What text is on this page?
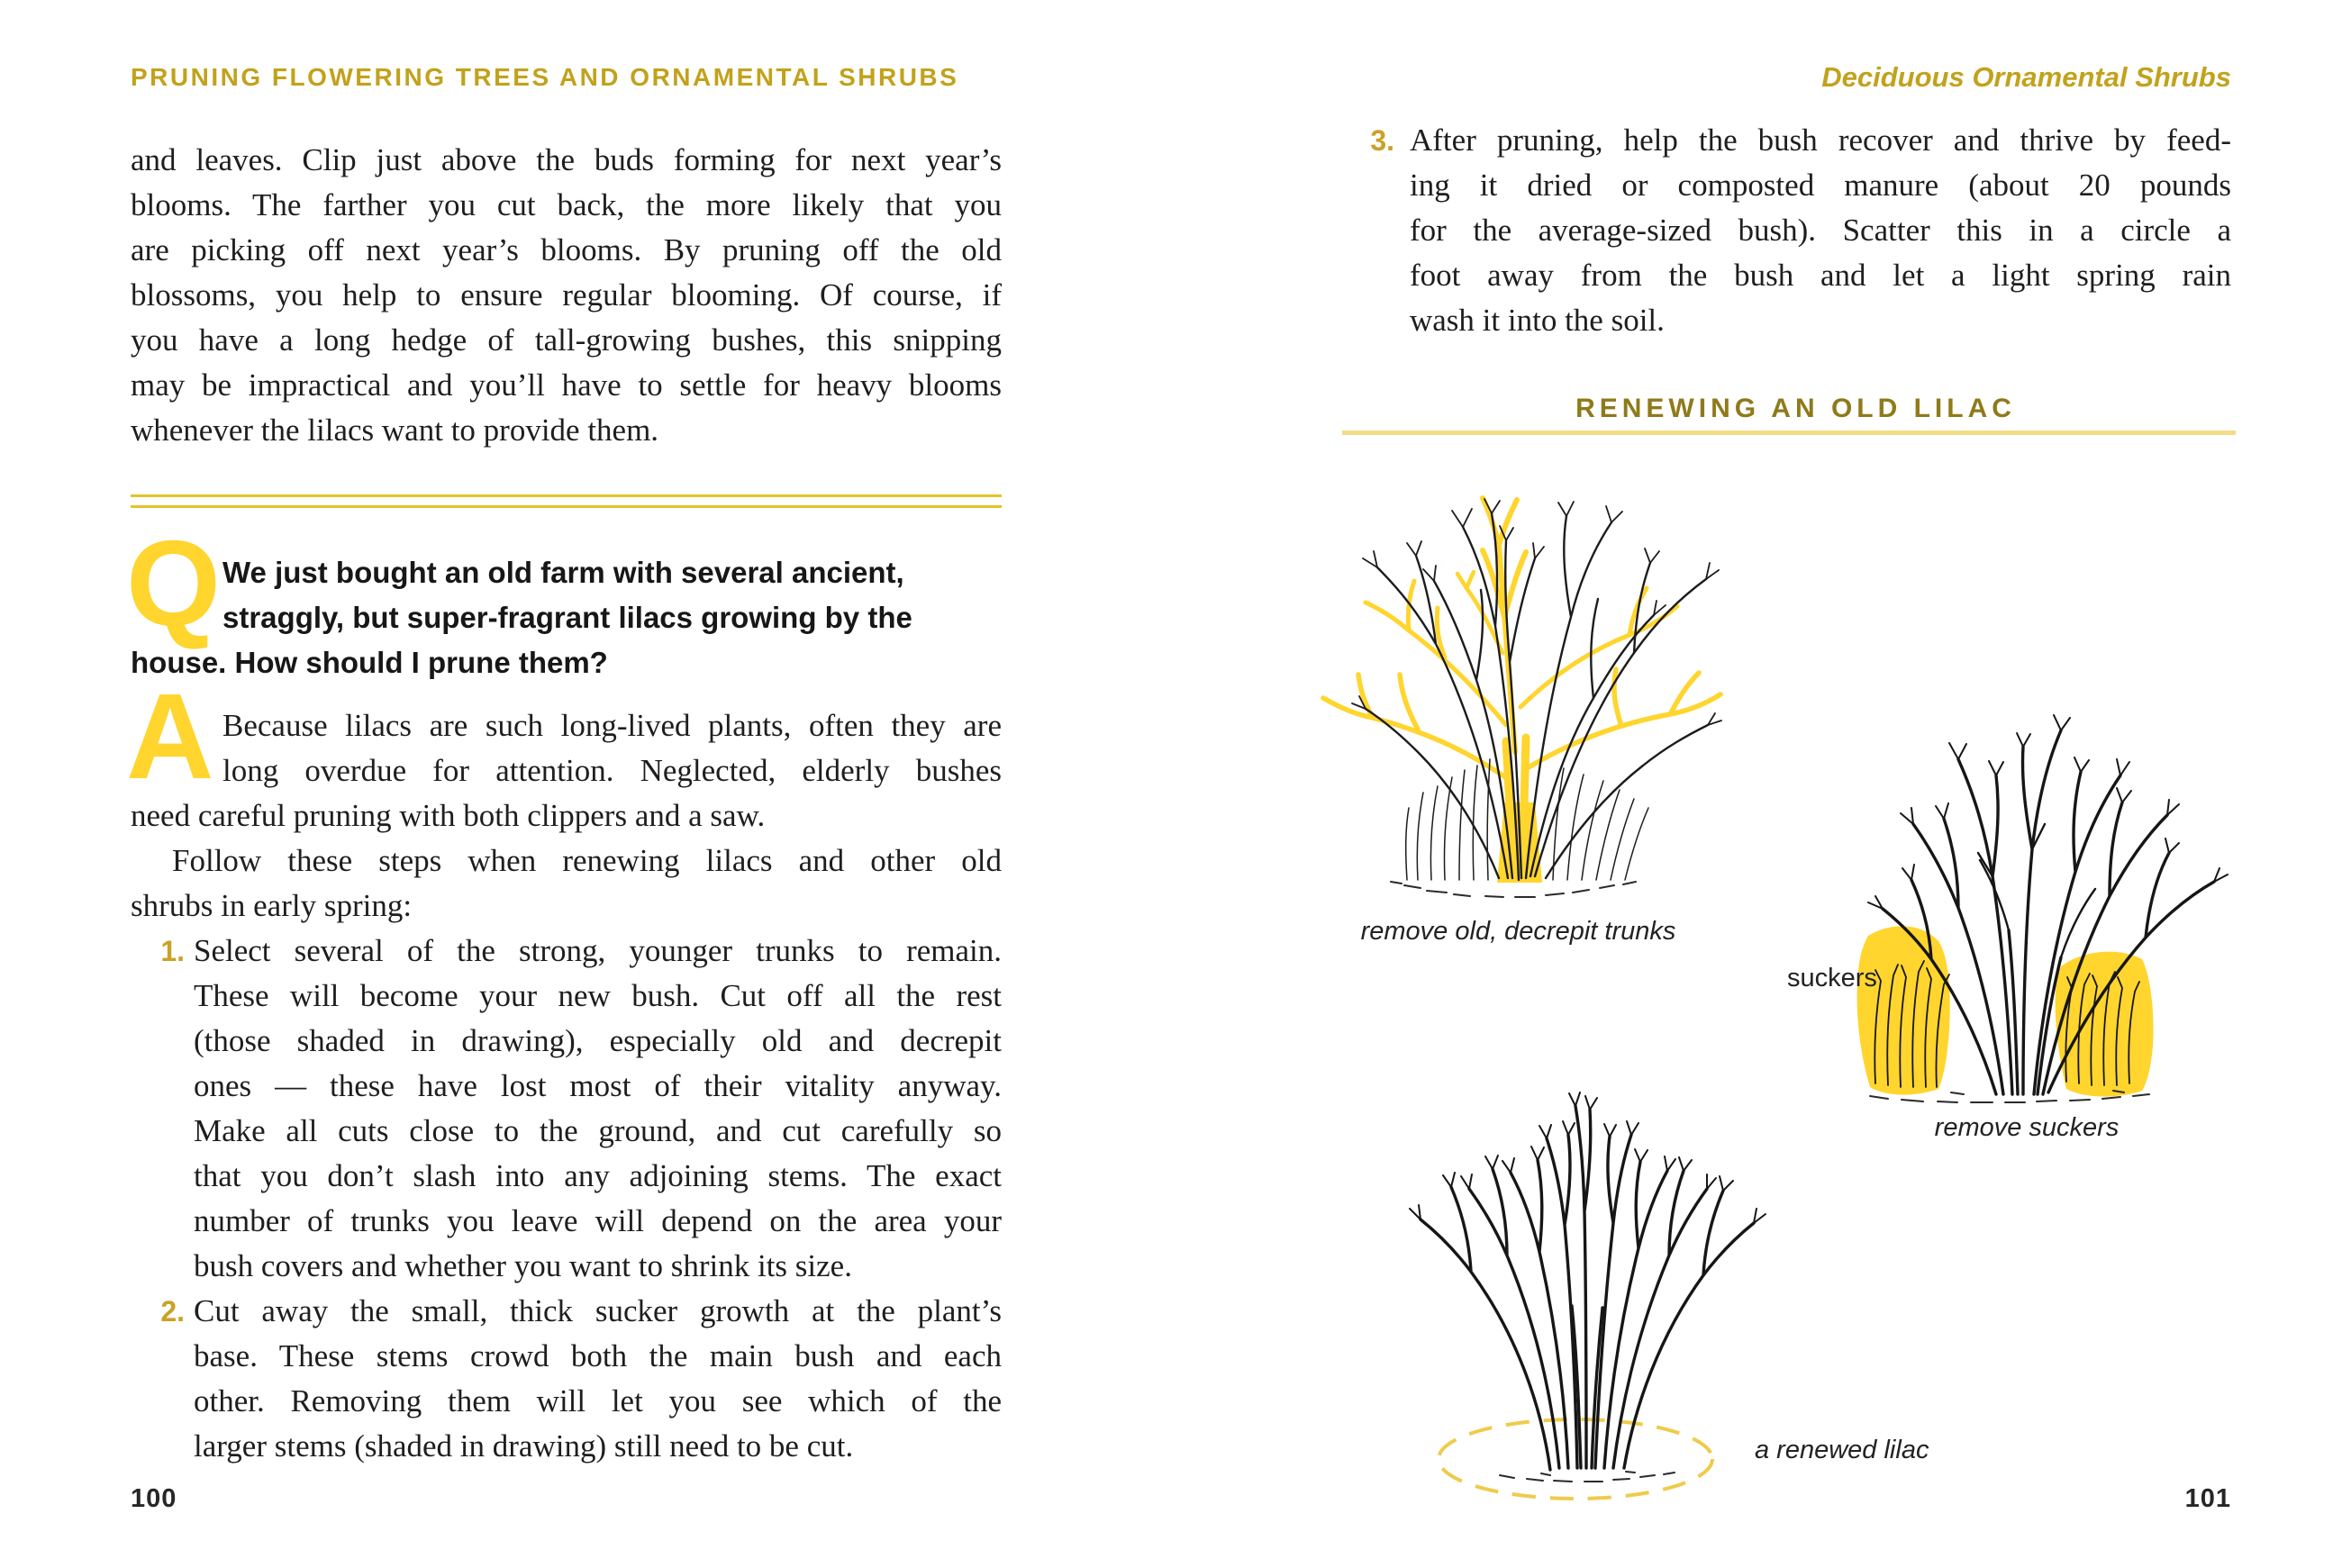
PRUNING FLOWERING TREES AND ORNAMENTAL SHRUBS
and leaves. Clip just above the buds forming for next year’s
blooms. The farther you cut back, the more likely that you
are picking off next year’s blooms. By pruning off the old
blossoms, you help to ensure regular blooming. Of course, if
you have a long hedge of tall-growing bushes, this snipping
may be impractical and you’ll have to settle for heavy blooms
whenever the lilacs want to provide them.
Q We just bought an old farm with several ancient,
straggly, but super-fragrant lilacs growing by the
house. How should I prune them?
A Because lilacs are such long-lived plants, often they are
long overdue for attention. Neglected, elderly bushes
need careful pruning with both clippers and a saw.
Follow these steps when renewing lilacs and other old
shrubs in early spring:
1. Select several of the strong, younger trunks to remain.
These will become your new bush. Cut off all the rest
(those shaded in drawing), especially old and decrepit
ones — these have lost most of their vitality anyway.
Make all cuts close to the ground, and cut carefully so
that you don’t slash into any adjoining stems. The exact
number of trunks you leave will depend on the area your
bush covers and whether you want to shrink its size.
2. Cut away the small, thick sucker growth at the plant’s
base. These stems crowd both the main bush and each
other. Removing them will let you see which of the
larger stems (shaded in drawing) still need to be cut.
100
Deciduous Ornamental Shrubs
3. After pruning, help the bush recover and thrive by feed-
ing it dried or composted manure (about 20 pounds
for the average-sized bush). Scatter this in a circle a
foot away from the bush and let a light spring rain
wash it into the soil.
RENEWING AN OLD LILAC
remove old, decrepit trunks
suckers
remove suckers
a renewed lilac
101
